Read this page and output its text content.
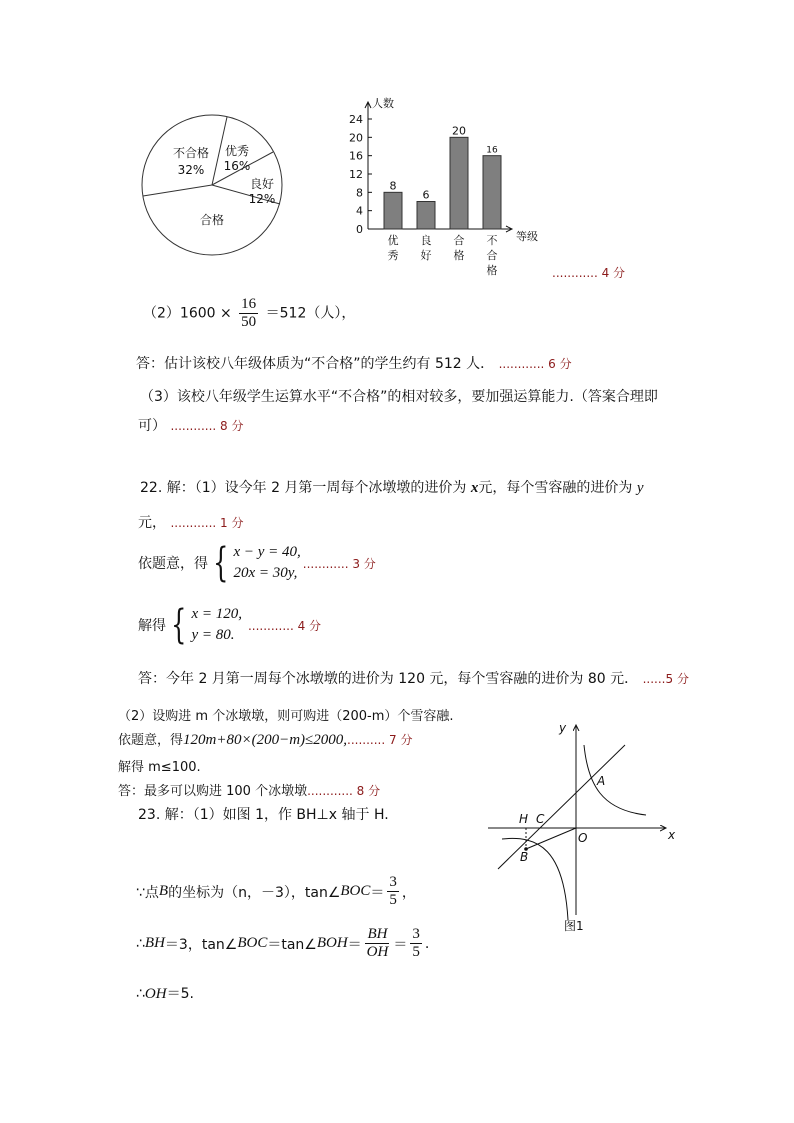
不合格
32%
优秀
16%
良好
12%
合格
人数
等级
0
4
8
12
16
20
24
8
优
秀
6
良
好
20
合
格
16
不
合
格	............ 4 分
$(2)1600 \times \frac{16}{50} =512$（人），
答：估计该校八年级体质为“不合格”的学生约有 512 人． ............ 6 分
（3）该校八年级学生运算水平“不合格”的相对较多，要加强运算能力.（答案合理即
可） ............ 8 分
22. 解：（1）设今年 2 月第一周每个冰墩墩的进价为 x元，每个雪容融的进价为 y
元， ............ 1 分
依题意，得 { x − y = 40,
20x = 30y,
............ 3 分
解得 { x = 120,
y = 80.
............ 4 分
答：今年 2 月第一周每个冰墩墩的进价为 120 元，每个雪容融的进价为 80 元． ......5 分
（2）设购进 m 个冰墩墩，则可购进（200-m）个雪容融.
依题意，得120m+80×(200−m)≤2000,.......... 7 分
解得 m≤100.
答：最多可以购进 100 个冰墩墩............ 8 分
23. 解：（1）如图 1，作 BH⊥x 轴于 H.
∵点 B 的坐标为（n，－3），tan∠ BOC ＝ $\frac{3}{5}$ ，
∴ BH ＝3，tan∠ BOC ＝tan∠ BOH ＝ $\frac{BH}{OH} = \frac{3}{5}$ .
∴OH＝5.
y
x
A
H C
O
B
图1
